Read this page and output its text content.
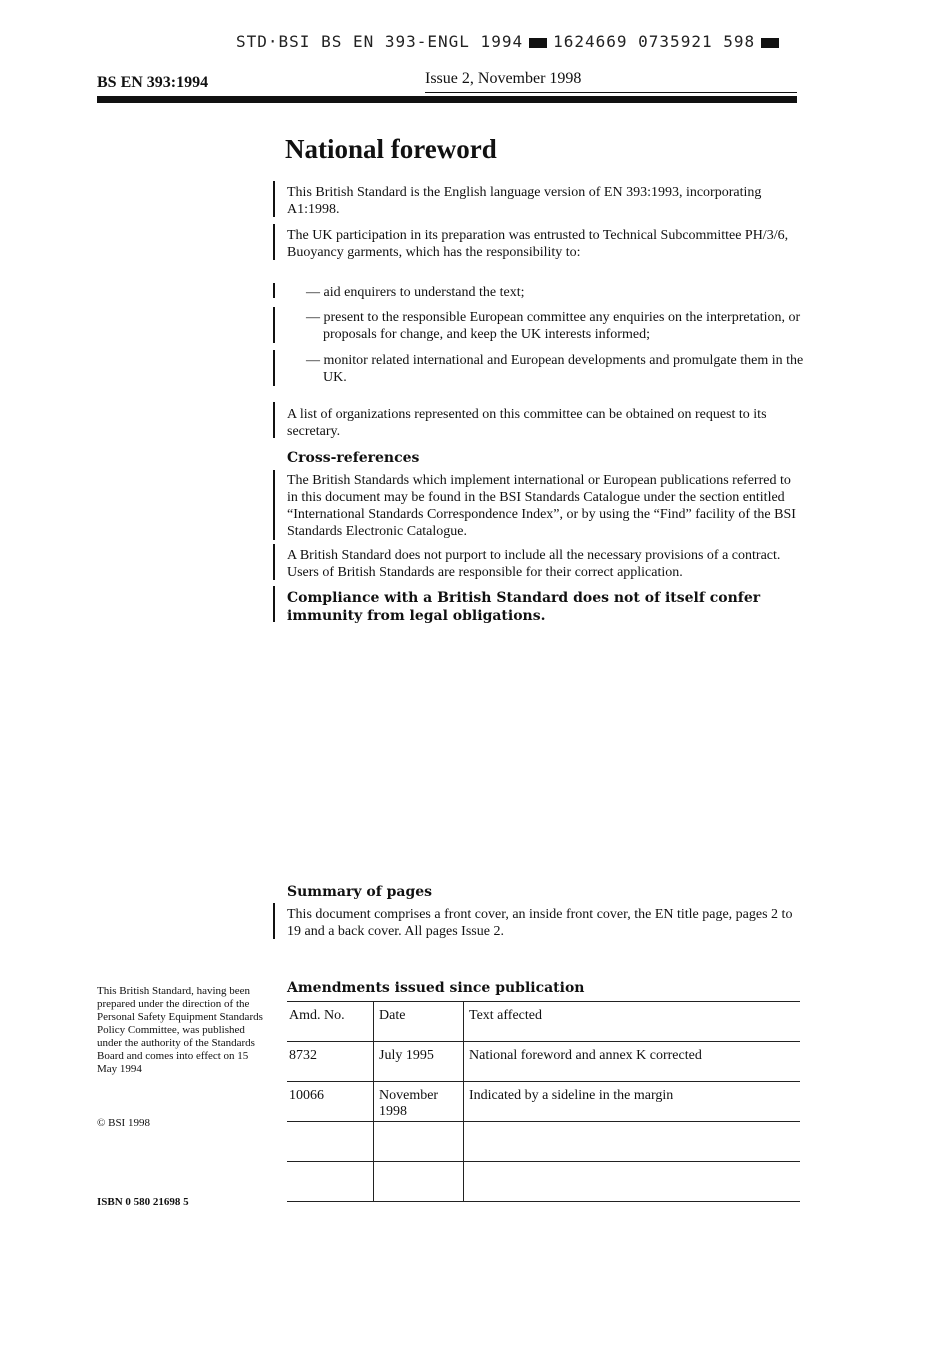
STD·BSI BS EN 393-ENGL 1994 1624669 0735921 598
BS EN 393:1994	Issue 2, November 1998
National foreword

This British Standard is the English language version of EN 393:1993, incorporating A1:1998.

The UK participation in its preparation was entrusted to Technical Subcommittee PH/3/6, Buoyancy garments, which has the responsibility to:

— aid enquirers to understand the text;

— present to the responsible European committee any enquiries on the interpretation, or proposals for change, and keep the UK interests informed;

— monitor related international and European developments and promulgate them in the UK.

A list of organizations represented on this committee can be obtained on request to its secretary.

Cross-references

The British Standards which implement international or European publications referred to in this document may be found in the BSI Standards Catalogue under the section entitled “International Standards Correspondence Index”, or by using the “Find” facility of the BSI Standards Electronic Catalogue.

A British Standard does not purport to include all the necessary provisions of a contract. Users of British Standards are responsible for their correct application.

Compliance with a British Standard does not of itself confer immunity from legal obligations.

Summary of pages

This document comprises a front cover, an inside front cover, the EN title page, pages 2 to 19 and a back cover. All pages Issue 2.

This British Standard, having been prepared under the direction of the Personal Safety Equipment Standards Policy Committee, was published under the authority of the Standards Board and comes into effect on 15 May 1994

© BSI 1998
ISBN 0 580 21698 5

Amendments issued since publication

Amd. No.	Date	Text affected
8732	July 1995	National foreword and annex K corrected
10066	November 1998	Indicated by a sideline in the margin
